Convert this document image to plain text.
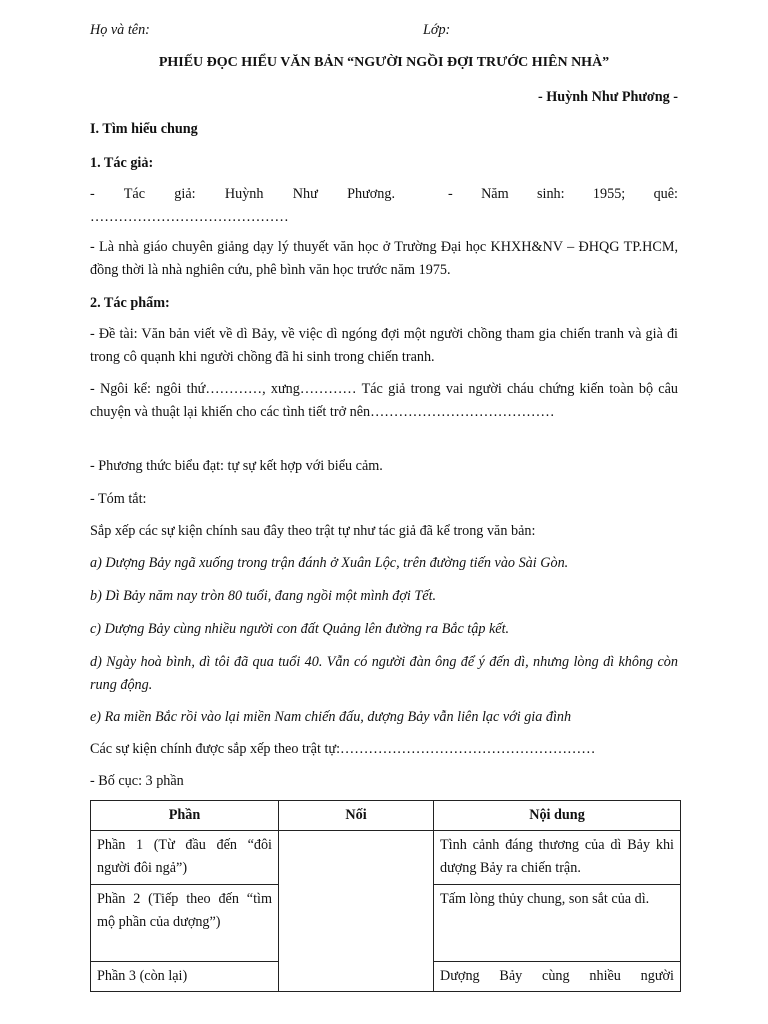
Họ và tên:	Lớp:
PHIẾU ĐỌC HIỂU VĂN BẢN “NGƯỜI NGỒI ĐỢI TRƯỚC HIÊN NHÀ”
- Huỳnh Như Phương -
I. Tìm hiểu chung
1. Tác giả:
- Tác giả: Huỳnh Như Phương.	- Năm sinh: 1955; quê:
……………………………………
- Là nhà giáo chuyên giảng dạy lý thuyết văn học ở Trường Đại học KHXH&NV – ĐHQG TP.HCM, đồng thời là nhà nghiên cứu, phê bình văn học trước năm 1975.
2. Tác phẩm:
- Đề tài: Văn bản viết về dì Bảy, về việc dì ngóng đợi một người chồng tham gia chiến tranh và già đi trong cô quạnh khi người chồng đã hi sinh trong chiến tranh.
- Ngôi kể: ngôi thứ…………, xưng………… Tác giả trong vai người cháu chứng kiến toàn bộ câu chuyện và thuật lại khiến cho các tình tiết trở nên…………………………………
- Phương thức biểu đạt: tự sự kết hợp với biểu cảm.
- Tóm tắt:
Sắp xếp các sự kiện chính sau đây theo trật tự như tác giả đã kể trong văn bản:
a) Dượng Bảy ngã xuống trong trận đánh ở Xuân Lộc, trên đường tiến vào Sài Gòn.
b) Dì Bảy năm nay tròn 80 tuổi, đang ngồi một mình đợi Tết.
c) Dượng Bảy cùng nhiều người con đất Quảng lên đường ra Bắc tập kết.
d) Ngày hoà bình, dì tôi đã qua tuổi 40. Vẫn có người đàn ông để ý đến dì, nhưng lòng dì không còn rung động.
e) Ra miền Bắc rồi vào lại miền Nam chiến đấu, dượng Bảy vẫn liên lạc với gia đình
Các sự kiện chính được sắp xếp theo trật tự:………………………………………………
- Bố cục: 3 phần
Phần	Nối	Nội dung
Phần 1 (Từ đầu đến “đôi người đôi ngả”)		Tình cảnh đáng thương của dì Bảy khi dượng Bảy ra chiến trận.
Phần 2 (Tiếp theo đến “tìm mộ phần của dượng”)		Tấm lòng thủy chung, son sắt của dì.
Phần 3 (còn lại)		Dượng Bảy cùng nhiều người
